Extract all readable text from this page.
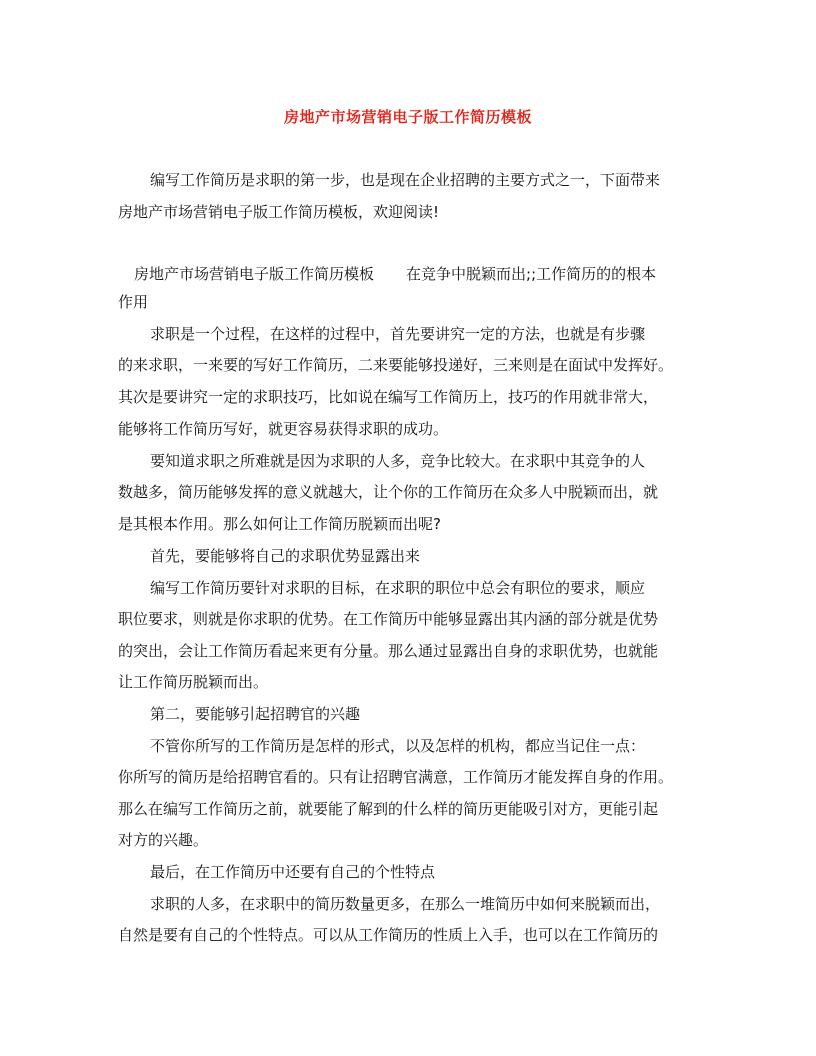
房地产市场营销电子版工作简历模板
编写工作简历是求职的第一步，也是现在企业招聘的主要方式之一，下面带来
房地产市场营销电子版工作简历模板，欢迎阅读!
房地产市场营销电子版工作简历模板 在竞争中脱颖而出;;工作简历的的根本
作用
求职是一个过程，在这样的过程中，首先要讲究一定的方法，也就是有步骤
的来求职，一来要的写好工作简历，二来要能够投递好，三来则是在面试中发挥好。
其次是要讲究一定的求职技巧，比如说在编写工作简历上，技巧的作用就非常大，
能够将工作简历写好，就更容易获得求职的成功。
要知道求职之所难就是因为求职的人多，竞争比较大。在求职中其竞争的人
数越多，简历能够发挥的意义就越大，让个你的工作简历在众多人中脱颖而出，就
是其根本作用。那么如何让工作简历脱颖而出呢?
首先，要能够将自己的求职优势显露出来
编写工作简历要针对求职的目标，在求职的职位中总会有职位的要求，顺应
职位要求，则就是你求职的优势。在工作简历中能够显露出其内涵的部分就是优势
的突出，会让工作简历看起来更有分量。那么通过显露出自身的求职优势，也就能
让工作简历脱颖而出。
第二，要能够引起招聘官的兴趣
不管你所写的工作简历是怎样的形式，以及怎样的机构，都应当记住一点：
你所写的简历是给招聘官看的。只有让招聘官满意，工作简历才能发挥自身的作用。
那么在编写工作简历之前，就要能了解到的什么样的简历更能吸引对方，更能引起
对方的兴趣。
最后，在工作简历中还要有自己的个性特点
求职的人多，在求职中的简历数量更多，在那么一堆简历中如何来脱颖而出，
自然是要有自己的个性特点。可以从工作简历的性质上入手，也可以在工作简历的
